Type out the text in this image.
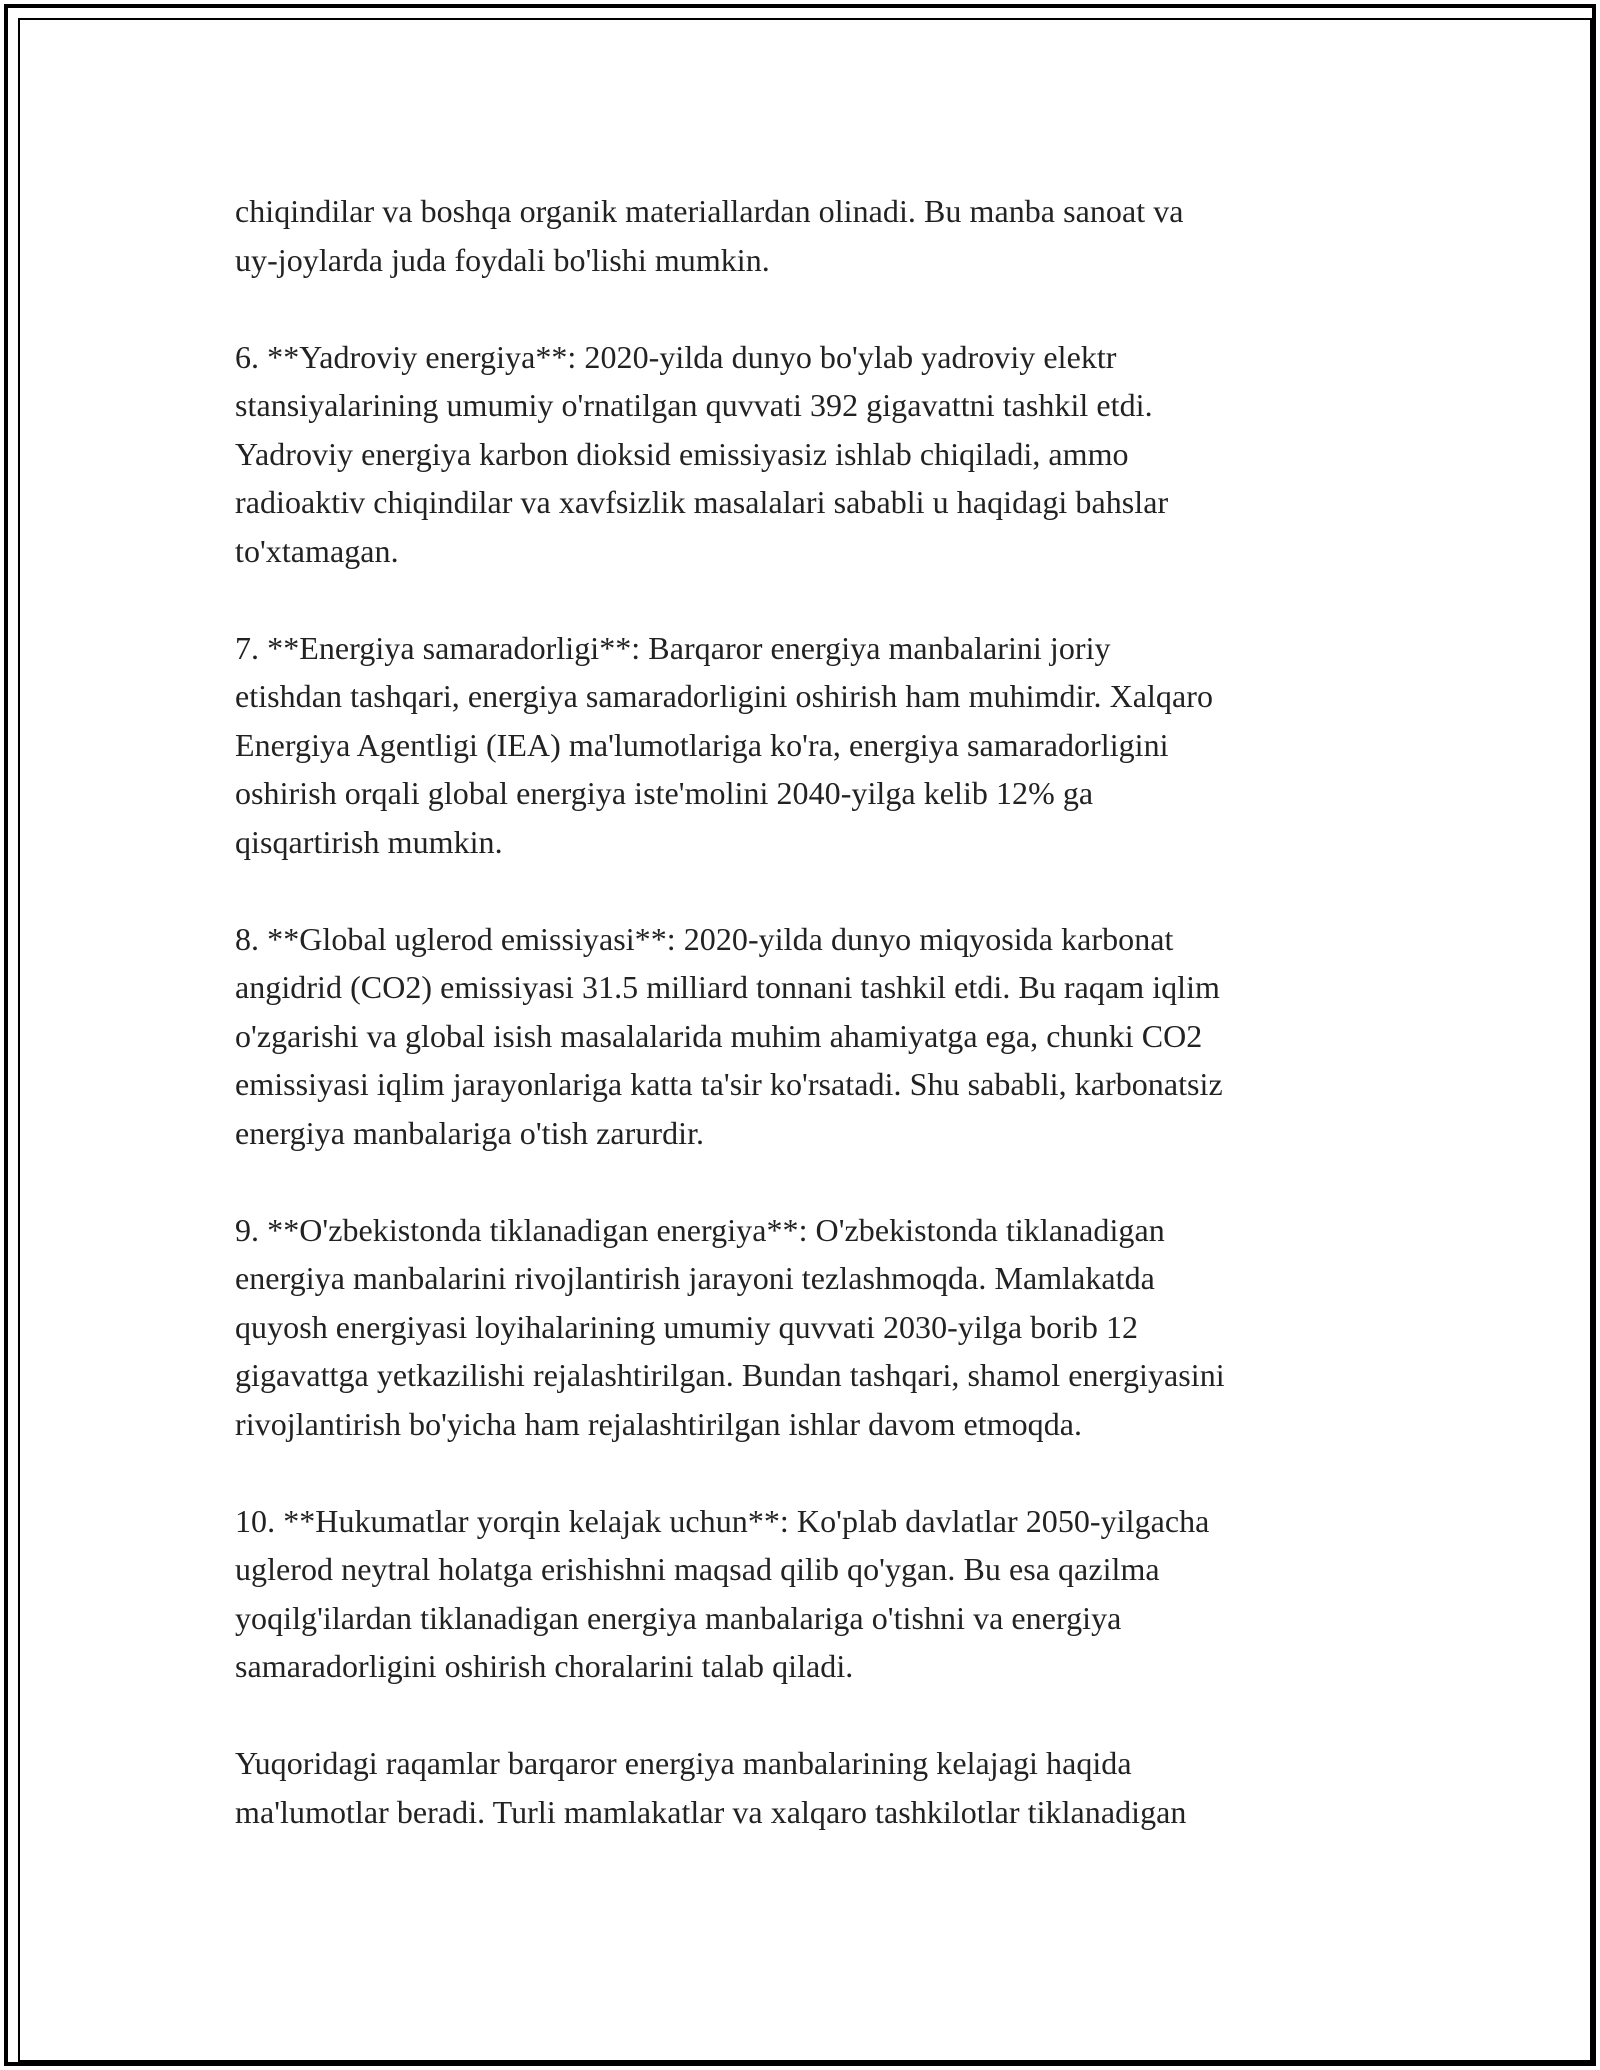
chiqindilar va boshqa organik materiallardan olinadi. Bu manba sanoat va
uy-joylarda juda foydali bo'lishi mumkin.

6. **Yadroviy energiya**: 2020-yilda dunyo bo'ylab yadroviy elektr
stansiyalarining umumiy o'rnatilgan quvvati 392 gigavattni tashkil etdi.
Yadroviy energiya karbon dioksid emissiyasiz ishlab chiqiladi, ammo
radioaktiv chiqindilar va xavfsizlik masalalari sababli u haqidagi bahslar
to'xtamagan.

7. **Energiya samaradorligi**: Barqaror energiya manbalarini joriy
etishdan tashqari, energiya samaradorligini oshirish ham muhimdir. Xalqaro
Energiya Agentligi (IEA) ma'lumotlariga ko'ra, energiya samaradorligini
oshirish orqali global energiya iste'molini 2040-yilga kelib 12% ga
qisqartirish mumkin.

8. **Global uglerod emissiyasi**: 2020-yilda dunyo miqyosida karbonat
angidrid (CO2) emissiyasi 31.5 milliard tonnani tashkil etdi. Bu raqam iqlim
o'zgarishi va global isish masalalarida muhim ahamiyatga ega, chunki CO2
emissiyasi iqlim jarayonlariga katta ta'sir ko'rsatadi. Shu sababli, karbonatsiz
energiya manbalariga o'tish zarurdir.

9. **O'zbekistonda tiklanadigan energiya**: O'zbekistonda tiklanadigan
energiya manbalarini rivojlantirish jarayoni tezlashmoqda. Mamlakatda
quyosh energiyasi loyihalarining umumiy quvvati 2030-yilga borib 12
gigavattga yetkazilishi rejalashtirilgan. Bundan tashqari, shamol energiyasini
rivojlantirish bo'yicha ham rejalashtirilgan ishlar davom etmoqda.

10. **Hukumatlar yorqin kelajak uchun**: Ko'plab davlatlar 2050-yilgacha
uglerod neytral holatga erishishni maqsad qilib qo'ygan. Bu esa qazilma
yoqilg'ilardan tiklanadigan energiya manbalariga o'tishni va energiya
samaradorligini oshirish choralarini talab qiladi.

Yuqoridagi raqamlar barqaror energiya manbalarining kelajagi haqida
ma'lumotlar beradi. Turli mamlakatlar va xalqaro tashkilotlar tiklanadigan
